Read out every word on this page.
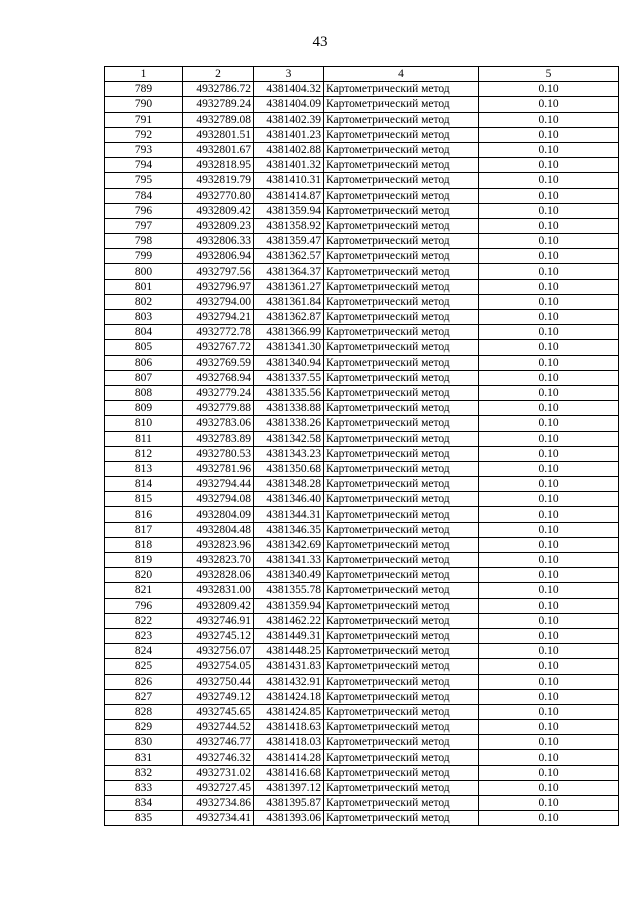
43
1	2	3	4	5
789	4932786.72	4381404.32	Картометрический метод	0.10
790	4932789.24	4381404.09	Картометрический метод	0.10
791	4932789.08	4381402.39	Картометрический метод	0.10
792	4932801.51	4381401.23	Картометрический метод	0.10
793	4932801.67	4381402.88	Картометрический метод	0.10
794	4932818.95	4381401.32	Картометрический метод	0.10
795	4932819.79	4381410.31	Картометрический метод	0.10
784	4932770.80	4381414.87	Картометрический метод	0.10
796	4932809.42	4381359.94	Картометрический метод	0.10
797	4932809.23	4381358.92	Картометрический метод	0.10
798	4932806.33	4381359.47	Картометрический метод	0.10
799	4932806.94	4381362.57	Картометрический метод	0.10
800	4932797.56	4381364.37	Картометрический метод	0.10
801	4932796.97	4381361.27	Картометрический метод	0.10
802	4932794.00	4381361.84	Картометрический метод	0.10
803	4932794.21	4381362.87	Картометрический метод	0.10
804	4932772.78	4381366.99	Картометрический метод	0.10
805	4932767.72	4381341.30	Картометрический метод	0.10
806	4932769.59	4381340.94	Картометрический метод	0.10
807	4932768.94	4381337.55	Картометрический метод	0.10
808	4932779.24	4381335.56	Картометрический метод	0.10
809	4932779.88	4381338.88	Картометрический метод	0.10
810	4932783.06	4381338.26	Картометрический метод	0.10
811	4932783.89	4381342.58	Картометрический метод	0.10
812	4932780.53	4381343.23	Картометрический метод	0.10
813	4932781.96	4381350.68	Картометрический метод	0.10
814	4932794.44	4381348.28	Картометрический метод	0.10
815	4932794.08	4381346.40	Картометрический метод	0.10
816	4932804.09	4381344.31	Картометрический метод	0.10
817	4932804.48	4381346.35	Картометрический метод	0.10
818	4932823.96	4381342.69	Картометрический метод	0.10
819	4932823.70	4381341.33	Картометрический метод	0.10
820	4932828.06	4381340.49	Картометрический метод	0.10
821	4932831.00	4381355.78	Картометрический метод	0.10
796	4932809.42	4381359.94	Картометрический метод	0.10
822	4932746.91	4381462.22	Картометрический метод	0.10
823	4932745.12	4381449.31	Картометрический метод	0.10
824	4932756.07	4381448.25	Картометрический метод	0.10
825	4932754.05	4381431.83	Картометрический метод	0.10
826	4932750.44	4381432.91	Картометрический метод	0.10
827	4932749.12	4381424.18	Картометрический метод	0.10
828	4932745.65	4381424.85	Картометрический метод	0.10
829	4932744.52	4381418.63	Картометрический метод	0.10
830	4932746.77	4381418.03	Картометрический метод	0.10
831	4932746.32	4381414.28	Картометрический метод	0.10
832	4932731.02	4381416.68	Картометрический метод	0.10
833	4932727.45	4381397.12	Картометрический метод	0.10
834	4932734.86	4381395.87	Картометрический метод	0.10
835	4932734.41	4381393.06	Картометрический метод	0.10
